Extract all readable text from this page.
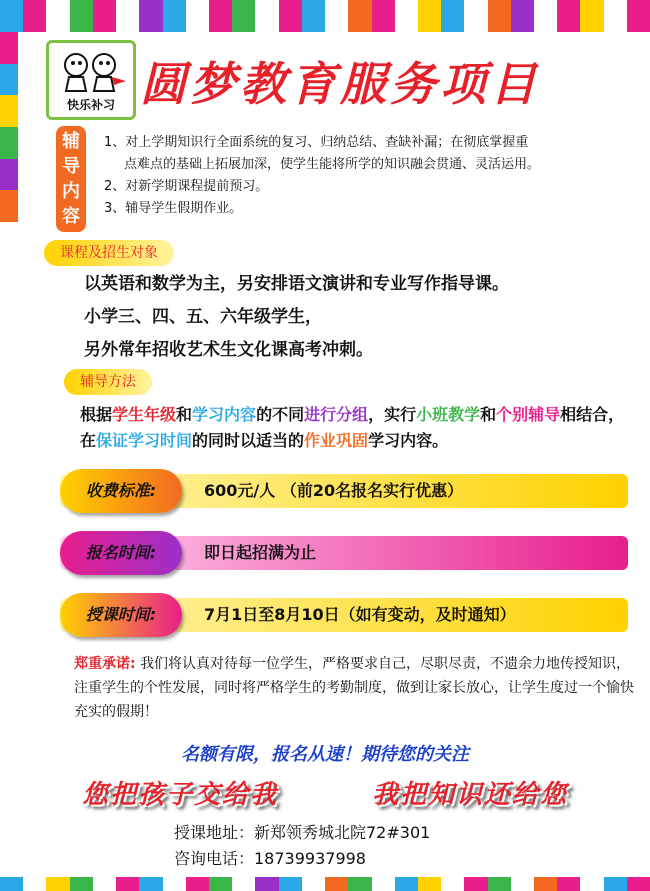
快乐补习 圆梦教育服务项目
辅
导
内
容
1、对上学期知识行全面系统的复习、归纳总结、查缺补漏；在彻底掌握重
点难点的基础上拓展加深，使学生能将所学的知识融会贯通、灵活运用。
2、对新学期课程提前预习。
3、辅导学生假期作业。
课程及招生对象
以英语和数学为主，另安排语文演讲和专业写作指导课。
小学三、四、五、六年级学生，
另外常年招收艺术生文化课高考冲刺。
辅导方法
根据学生年级和学习内容的不同进行分组，实行小班教学和个别辅导相结合，在保证学习时间的同时以适当的作业巩固学习内容。
收费标准:	600元/人 （前20名报名实行优惠）
报名时间:	即日起招满为止
授课时间:	7月1日至8月10日（如有变动，及时通知）
郑重承诺: 我们将认真对待每一位学生，严格要求自己，尽职尽责，不遗余力地传授知识，注重学生的个性发展，同时将严格学生的考勤制度，做到让家长放心，让学生度过一个愉快充实的假期！
名额有限，报名从速！期待您的关注
您把孩子交给我	我把知识还给您
授课地址：新郑领秀城北院72#301
咨询电话：18739937998
